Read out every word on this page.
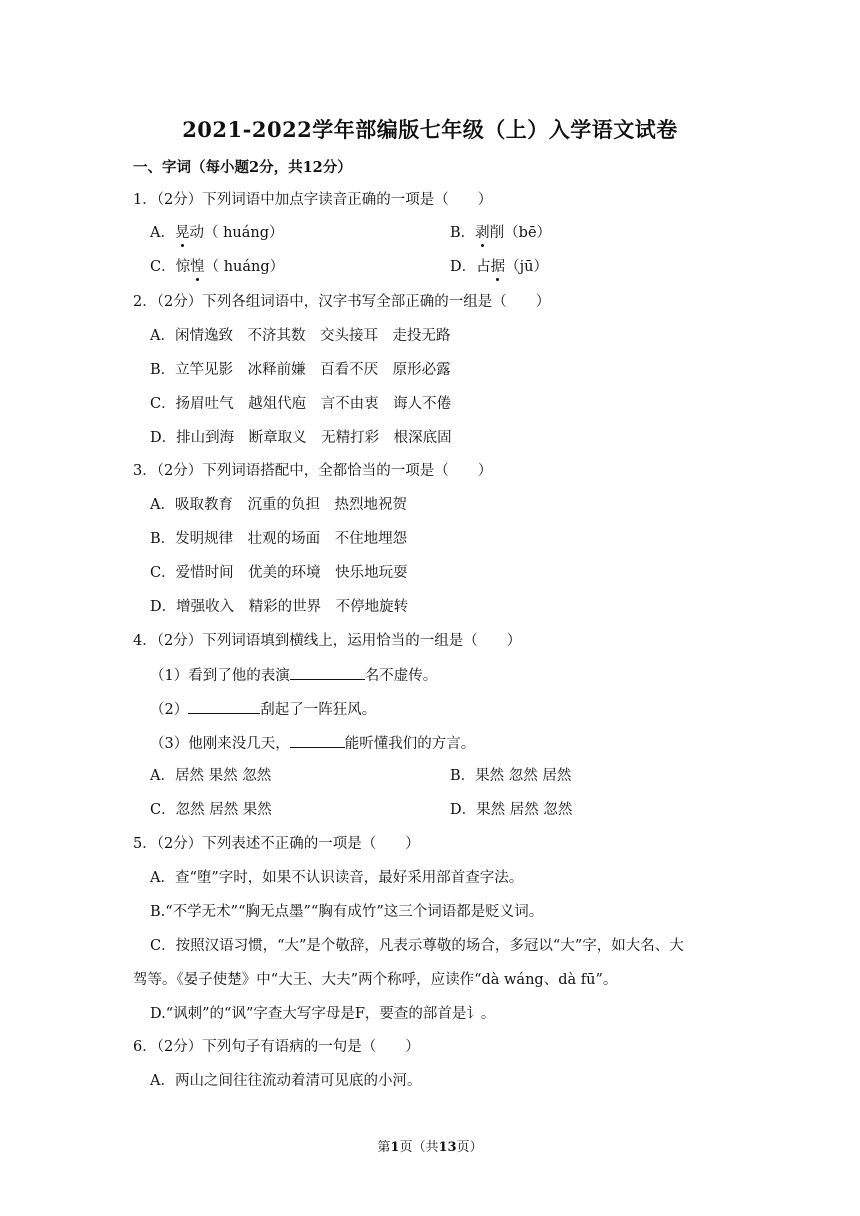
2021-2022学年部编版七年级（上）入学语文试卷
一、字词（每小题2分，共12分）
1．（2分）下列词语中加点字读音正确的一项是（　　）
A．晃动（ huáng）	B．剥削（bē）
C．惊惶（ huáng）	D．占据（jū）
2．（2分）下列各组词语中，汉字书写全部正确的一组是（　　）
A．闲情逸致　不济其数　交头接耳　走投无路
B．立竿见影　冰释前嫌　百看不厌　原形必露
C．扬眉吐气　越俎代庖　言不由衷　诲人不倦
D．排山到海　断章取义　无精打彩　根深底固
3．（2分）下列词语搭配中，全都恰当的一项是（　　）
A．吸取教育　沉重的负担　热烈地祝贺
B．发明规律　壮观的场面　不住地埋怨
C．爱惜时间　优美的环境　快乐地玩耍
D．增强收入　精彩的世界　不停地旋转
4．（2分）下列词语填到横线上，运用恰当的一组是（　　）
（1）看到了他的表演	名不虚传。
（2）	刮起了一阵狂风。
（3）他刚来没几天，	能听懂我们的方言。
A．居然 果然 忽然	B．果然 忽然 居然
C．忽然 居然 果然	D．果然 居然 忽然
5．（2分）下列表述不正确的一项是（　　）
A．查“堕”字时，如果不认识读音，最好采用部首查字法。
B.“不学无术”“胸无点墨”“胸有成竹”这三个词语都是贬义词。
C．按照汉语习惯，“大”是个敬辞，凡表示尊敬的场合，多冠以“大”字，如大名、大
驾等。《晏子使楚》中“大王、大夫”两个称呼，应读作“dà wáng、dà fū”。
D.“讽刺”的“讽”字查大写字母是F，要查的部首是讠。
6．（2分）下列句子有语病的一句是（　　）
A．两山之间往往流动着清可见底的小河。
第1页（共13页）
